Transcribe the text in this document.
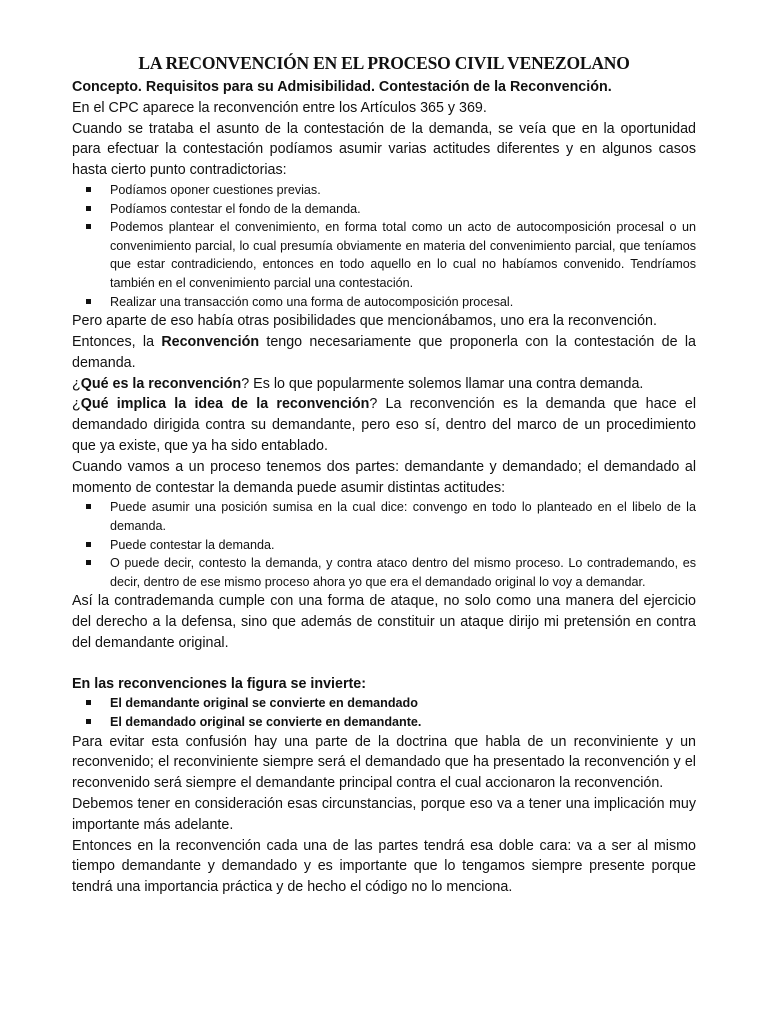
LA RECONVENCIÓN EN EL PROCESO CIVIL VENEZOLANO

Concepto. Requisitos para su Admisibilidad. Contestación de la Reconvención.

En el CPC aparece la reconvención entre los Artículos 365 y 369.

Cuando se trataba el asunto de la contestación de la demanda, se veía que en la oportunidad para efectuar la contestación podíamos asumir varias actitudes diferentes y en algunos casos hasta cierto punto contradictorias:

Podíamos oponer cuestiones previas.
Podíamos contestar el fondo de la demanda.
Podemos plantear el convenimiento, en forma total como un acto de autocomposición procesal o un convenimiento parcial, lo cual presumía obviamente en materia del convenimiento parcial, que teníamos que estar contradiciendo, entonces en todo aquello en lo cual no habíamos convenido. Tendríamos también en el convenimiento parcial una contestación.
Realizar una transacción como una forma de autocomposición procesal.

Pero aparte de eso había otras posibilidades que mencionábamos, uno era la reconvención.

Entonces, la Reconvención tengo necesariamente que proponerla con la contestación de la demanda.

¿Qué es la reconvención? Es lo que popularmente solemos llamar una contra demanda.

¿Qué implica la idea de la reconvención? La reconvención es la demanda que hace el demandado dirigida contra su demandante, pero eso sí, dentro del marco de un procedimiento que ya existe, que ya ha sido entablado.

Cuando vamos a un proceso tenemos dos partes: demandante y demandado; el demandado al momento de contestar la demanda puede asumir distintas actitudes:

Puede asumir una posición sumisa en la cual dice: convengo en todo lo planteado en el libelo de la demanda.
Puede contestar la demanda.
O puede decir, contesto la demanda, y contra ataco dentro del mismo proceso. Lo contrademando, es decir, dentro de ese mismo proceso ahora yo que era el demandado original lo voy a demandar.

Así la contrademanda cumple con una forma de ataque, no solo como una manera del ejercicio del derecho a la defensa, sino que además de constituir un ataque dirijo mi pretensión en contra del demandante original.

En las reconvenciones la figura se invierte:

El demandante original se convierte en demandado
El demandado original se convierte en demandante.

Para evitar esta confusión hay una parte de la doctrina que habla de un reconviniente y un reconvenido; el reconviniente siempre será el demandado que ha presentado la reconvención y el reconvenido será siempre el demandante principal contra el cual accionaron la reconvención.

Debemos tener en consideración esas circunstancias, porque eso va a tener una implicación muy importante más adelante.

Entonces en la reconvención cada una de las partes tendrá esa doble cara: va a ser al mismo tiempo demandante y demandado y es importante que lo tengamos siempre presente porque tendrá una importancia práctica y de hecho el código no lo menciona.
